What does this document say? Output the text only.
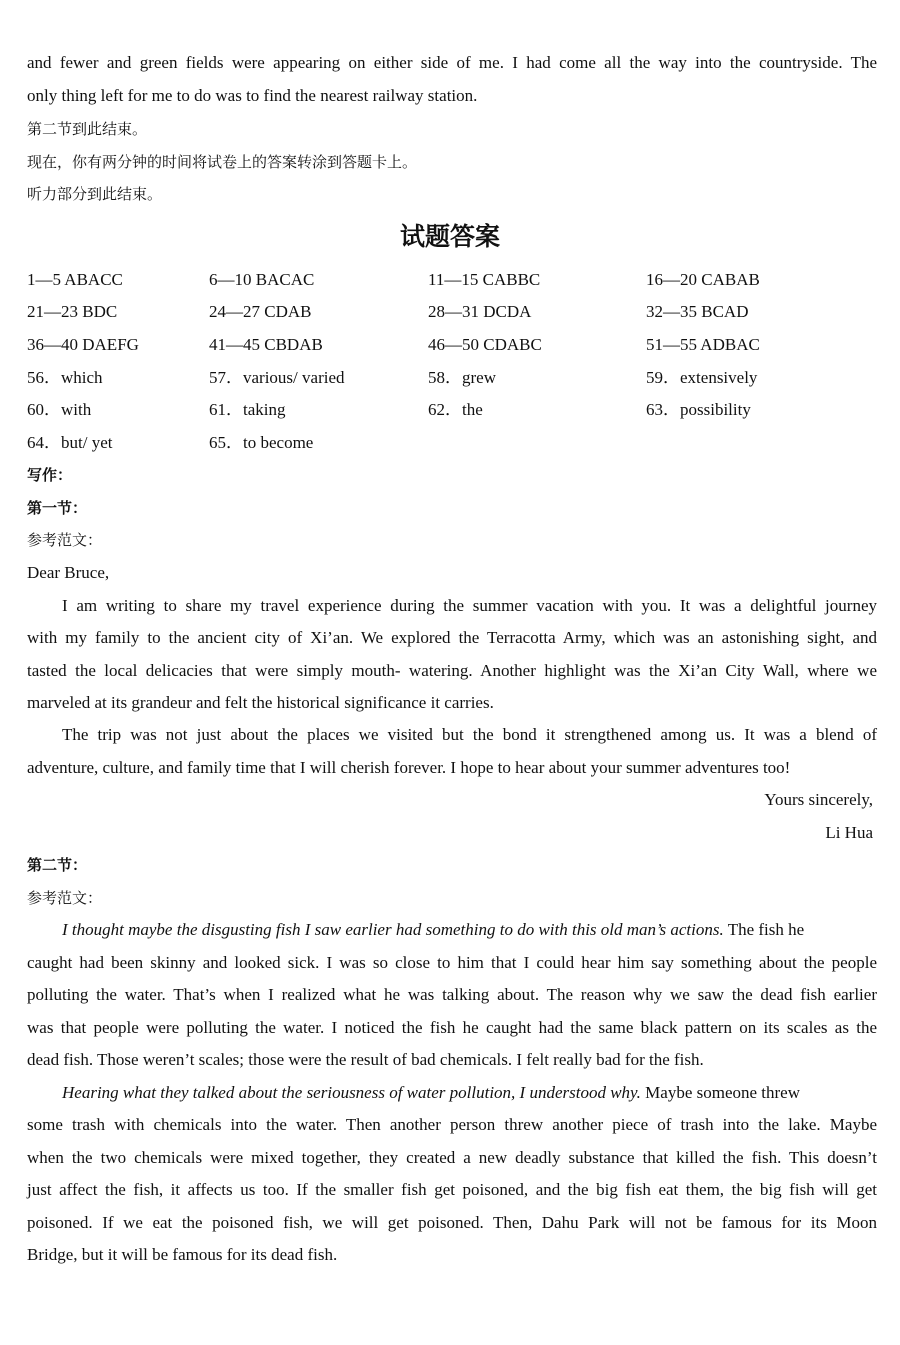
and fewer and green fields were appearing on either side of me. I had come all the way into the countryside. The
only thing left for me to do was to find the nearest railway station.
第二节到此结束。
现在，你有两分钟的时间将试卷上的答案转涂到答题卡上。
听力部分到此结束。
试题答案
1—5 ABACC	6—10 BACAC	11—15 CABBC	16—20 CABAB
21—23 BDC	24—27 CDAB	28—31 DCDA	32—35 BCAD
36—40 DAEFG	41—45 CBDAB	46—50 CDABC	51—55 ADBAC
56．which	57．various/ varied	58．grew	59．extensively
60．with	61．taking	62．the	63．possibility
64．but/ yet	65．to become
写作：
第一节：
参考范文：
Dear Bruce,
I am writing to share my travel experience during the summer vacation with you. It was a delightful journey
with my family to the ancient city of Xi’an. We explored the Terracotta Army, which was an astonishing sight, and
tasted the local delicacies that were simply mouth- watering. Another highlight was the Xi’an City Wall, where we
marveled at its grandeur and felt the historical significance it carries.
The trip was not just about the places we visited but the bond it strengthened among us. It was a blend of
adventure, culture, and family time that I will cherish forever. I hope to hear about your summer adventures too!
Yours sincerely,
Li Hua
第二节：
参考范文：
I thought maybe the disgusting fish I saw earlier had something to do with this old man’s actions. The fish he
caught had been skinny and looked sick. I was so close to him that I could hear him say something about the people
polluting the water. That’s when I realized what he was talking about. The reason why we saw the dead fish earlier
was that people were polluting the water. I noticed the fish he caught had the same black pattern on its scales as the
dead fish. Those weren’t scales; those were the result of bad chemicals. I felt really bad for the fish.
Hearing what they talked about the seriousness of water pollution, I understood why. Maybe someone threw
some trash with chemicals into the water. Then another person threw another piece of trash into the lake. Maybe
when the two chemicals were mixed together, they created a new deadly substance that killed the fish. This doesn’t
just affect the fish, it affects us too. If the smaller fish get poisoned, and the big fish eat them, the big fish will get
poisoned. If we eat the poisoned fish, we will get poisoned. Then, Dahu Park will not be famous for its Moon
Bridge, but it will be famous for its dead fish.
